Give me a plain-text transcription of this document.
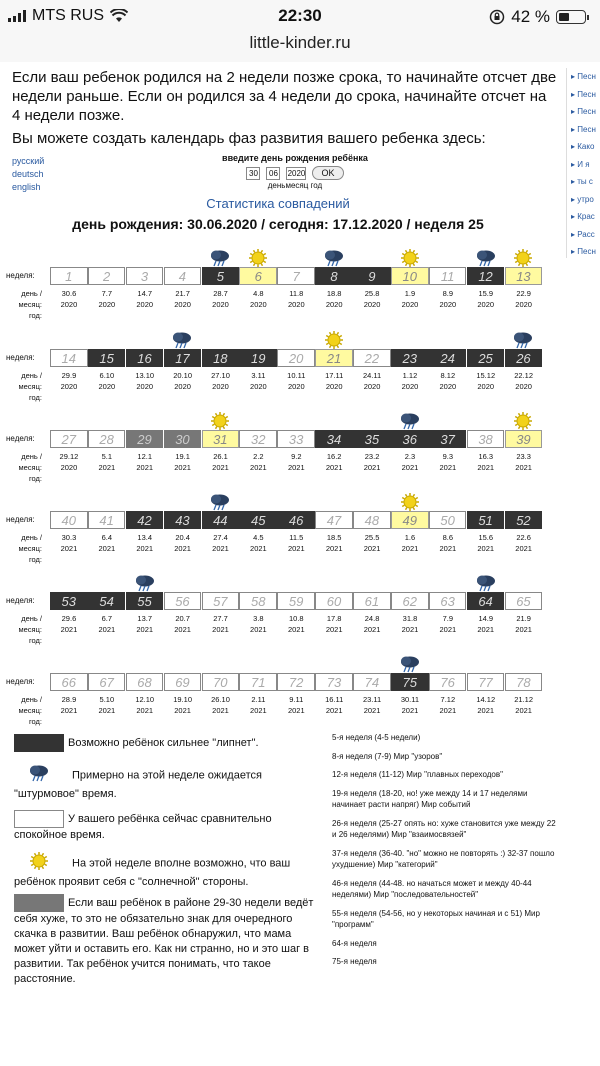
MTS RUS	22:30	42 %
little-kinder.ru
Если ваш ребенок родился на 2 недели позже срока, то начинайте отсчет две недели раньше. Если он родился за 4 недели до срока, начинайте отсчет на 4 недели позже.
Вы можете создать календарь фаз развития вашего ребенка здесь:
русский
deutsch
english
введите день рождения ребёнка
30	06	2020	OK
деньмесяц год
Статистика совпадений
день рождения: 30.06.2020 / сегодня: 17.12.2020 / неделя 25
▸ Песн
▸ Песн
▸ Песн
▸ Песн
▸ Како
▸ И я
▸ ты с
▸ утро
▸ Крас
▸ Расс
▸ Песн
неделя:	1	2	3	4	5	6	7	8	9	10	11	12	13
день /
месяц:
год:
30.6	7.7	14.7	21.7	28.7	4.8	11.8	18.8	25.8	1.9	8.9	15.9	22.9
2020	2020	2020	2020	2020	2020	2020	2020	2020	2020	2020	2020	2020
неделя:	14	15	16	17	18	19	20	21	22	23	24	25	26
день /
месяц:
год:
29.9	6.10	13.10	20.10	27.10	3.11	10.11	17.11	24.11	1.12	8.12	15.12	22.12
2020	2020	2020	2020	2020	2020	2020	2020	2020	2020	2020	2020	2020
неделя:	27	28	29	30	31	32	33	34	35	36	37	38	39
день /
месяц:
год:
29.12	5.1	12.1	19.1	26.1	2.2	9.2	16.2	23.2	2.3	9.3	16.3	23.3
2020	2021	2021	2021	2021	2021	2021	2021	2021	2021	2021	2021	2021
неделя:	40	41	42	43	44	45	46	47	48	49	50	51	52
день /
месяц:
год:
30.3	6.4	13.4	20.4	27.4	4.5	11.5	18.5	25.5	1.6	8.6	15.6	22.6
2021	2021	2021	2021	2021	2021	2021	2021	2021	2021	2021	2021	2021
неделя:	53	54	55	56	57	58	59	60	61	62	63	64	65
день /
месяц:
год:
29.6	6.7	13.7	20.7	27.7	3.8	10.8	17.8	24.8	31.8	7.9	14.9	21.9
2021	2021	2021	2021	2021	2021	2021	2021	2021	2021	2021	2021	2021
неделя:	66	67	68	69	70	71	72	73	74	75	76	77	78
день /
месяц:
год:
28.9	5.10	12.10	19.10	26.10	2.11	9.11	16.11	23.11	30.11	7.12	14.12	21.12
2021	2021	2021	2021	2021	2021	2021	2021	2021	2021	2021	2021	2021
Возможно ребёнок сильнее "липнет".
Примерно на этой неделе ожидается "штурмовое" время.
У вашего ребёнка сейчас сравнительно спокойное время.
На этой неделе вполне возможно, что ваш ребёнок проявит себя с "солнечной" стороны.
Если ваш ребёнок в районе 29-30 недели ведёт себя хуже, то это не обязательно знак для очередного скачка в развитии. Ваш ребёнок обнаружил, что мама может уйти и оставить его. Как ни странно, но и это шаг в развитии. Так ребёнок учится понимать, что такое расстояние.
5-я неделя (4-5 недели)
8-я неделя (7-9) Мир "узоров"
12-я неделя (11-12) Мир "плавных переходов"
19-я неделя (18-20, но! уже между 14 и 17 неделями начинает расти напряг) Мир событий
26-я неделя (25-27 опять но: хуже становится уже между 22 и 26 неделями) Мир "взаимосвязей"
37-я неделя (36-40. "но" можно не повторять :) 32-37 пошло ухудшение) Мир "категорий"
46-я неделя (44-48. но начаться может и между 40-44 неделями) Мир "последовательностей"
55-я неделя (54-56, но у некоторых начиная и с 51) Мир "программ"
64-я неделя
75-я неделя
